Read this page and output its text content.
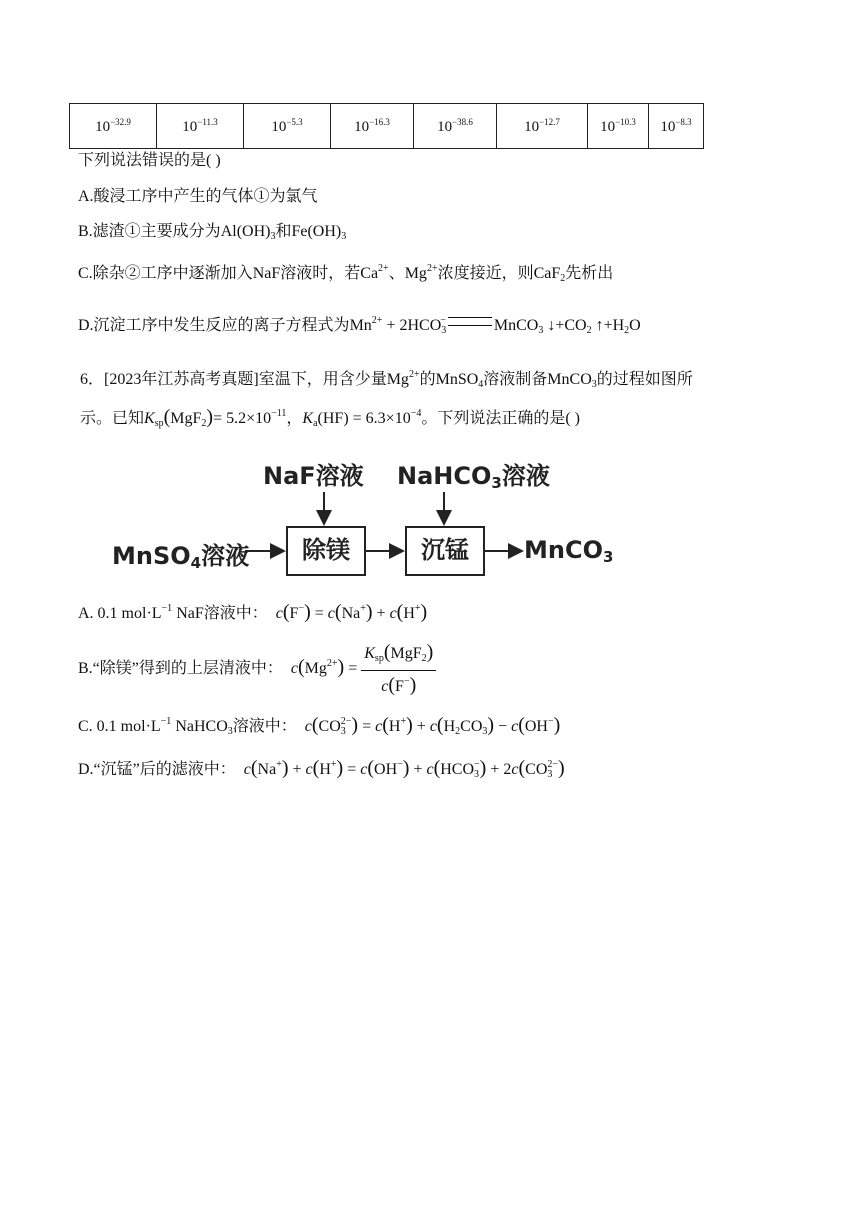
$10^{-32.9}$	$10^{-11.3}$	$10^{-5.3}$	$10^{-16.3}$	$10^{-38.6}$	$10^{-12.7}$	$10^{-10.3}$	$10^{-8.3}$
下列说法错误的是( )
A.酸浸工序中产生的气体①为氯气
B.滤渣①主要成分为$Al(OH)_3$和$Fe(OH)_3$
C.除杂②工序中逐渐加入NaF溶液时，若$Ca^{2+}$、$Mg^{2+}$浓度接近，则CaF$_2$先析出
D.沉淀工序中发生反应的离子方程式为$Mn^{2+} + 2HCO_3^-$	MnCO$_3$ $↓+CO_2$ $↑+H_2O$
6．[2023年江苏高考真题]室温下，用含少量$Mg^{2+}$的MnSO$_4$溶液制备MnCO$_3$的过程如图所
示。已知$K_{sp}(MgF_2)= 5.2\times 10^{-11}$，$K_a(HF) = 6.3\times 10^{-4}$。下列说法正确的是( )
NaF溶液 NaHCO3溶液
MnSO4溶液	除镁	沉锰	MnCO3
A. 0.1 $mol\cdot L^{-1}$ NaF溶液中： c(F−) = c(Na+) + c(H+)
B.“除镁”得到的上层清液中： $c(Mg^{2+}) = \frac{K_{sp}(MgF_2)}{c(F^-)}$
C. 0.1 $mol\cdot L^{-1}$ NaHCO$_3$溶液中： $c(CO_3^{2-}) = c(H^+) + c(H_2CO_3) - c(OH^-)$
D.“沉锰”后的滤液中： $c(Na^+) + c(H^+) = c(OH^-) + c(HCO_3^-) + 2c(CO_3^{2-})$
